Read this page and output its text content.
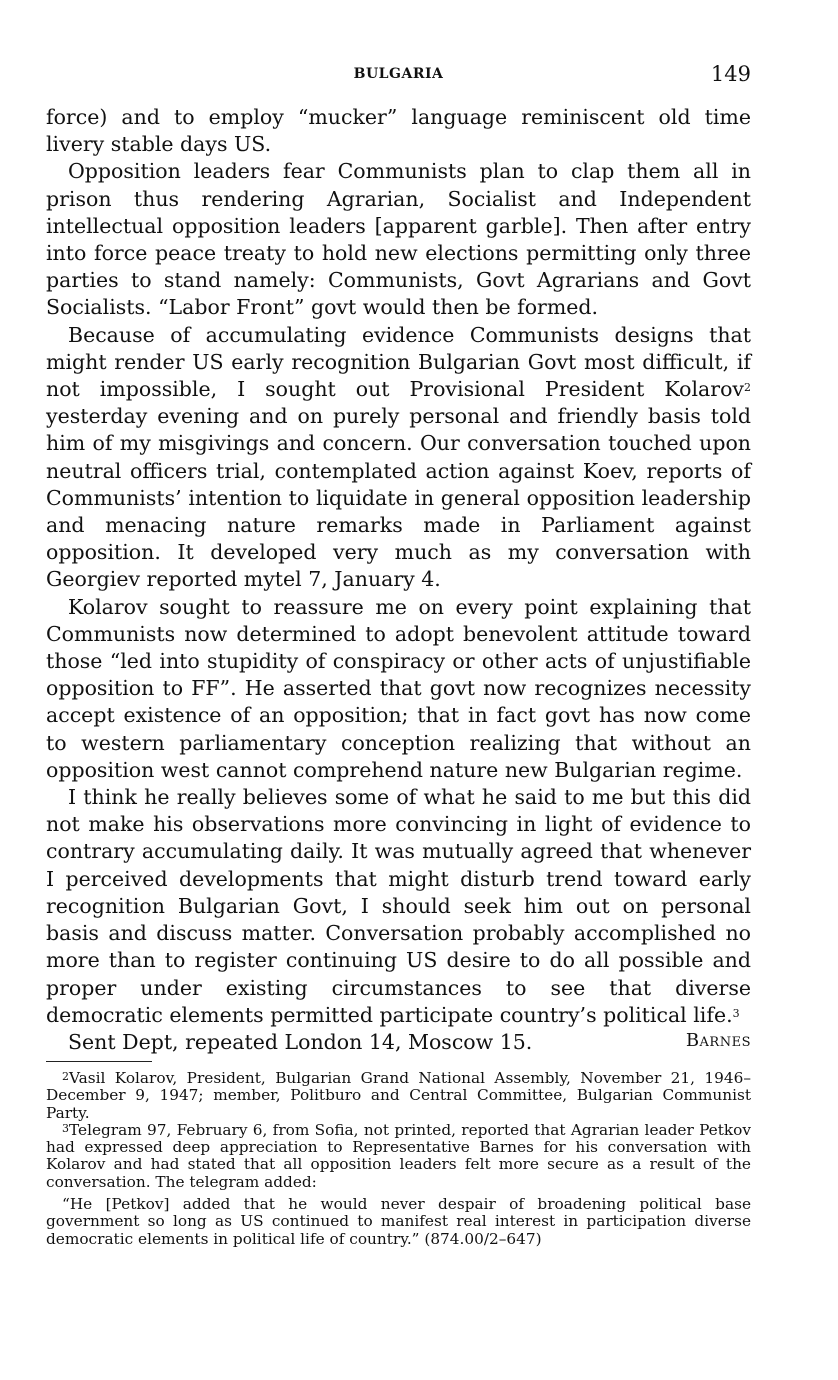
BULGARIA	149

force) and to employ “mucker” language reminiscent old time livery stable days US.

Opposition leaders fear Communists plan to clap them all in prison thus rendering Agrarian, Socialist and Independent intellectual opposition leaders [apparent garble]. Then after entry into force peace treaty to hold new elections permitting only three parties to stand namely: Communists, Govt Agrarians and Govt Socialists. “Labor Front” govt would then be formed.

Because of accumulating evidence Communists designs that might render US early recognition Bulgarian Govt most difficult, if not impossible, I sought out Provisional President Kolarov$^2$ yesterday evening and on purely personal and friendly basis told him of my misgivings and concern. Our conversation touched upon neutral officers trial, contemplated action against Koev, reports of Communists’ intention to liquidate in general opposition leadership and menacing nature remarks made in Parliament against opposition. It developed very much as my conversation with Georgiev reported mytel 7, January 4.

Kolarov sought to reassure me on every point explaining that Communists now determined to adopt benevolent attitude toward those “led into stupidity of conspiracy or other acts of unjustifiable opposition to FF”. He asserted that govt now recognizes necessity accept existence of an opposition; that in fact govt has now come to western parliamentary conception realizing that without an opposition west cannot comprehend nature new Bulgarian regime.

I think he really believes some of what he said to me but this did not make his observations more convincing in light of evidence to contrary accumulating daily. It was mutually agreed that whenever I perceived developments that might disturb trend toward early recognition Bulgarian Govt, I should seek him out on personal basis and discuss matter. Conversation probably accomplished no more than to register continuing US desire to do all possible and proper under existing circumstances to see that diverse democratic elements permitted participate country’s political life.$^3$

Sent Dept, repeated London 14, Moscow 15.	Barnes

$^2$Vasil Kolarov, President, Bulgarian Grand National Assembly, November 21, 1946–December 9, 1947; member, Politburo and Central Committee, Bulgarian Communist Party.

$^3$Telegram 97, February 6, from Sofia, not printed, reported that Agrarian leader Petkov had expressed deep appreciation to Representative Barnes for his conversation with Kolarov and had stated that all opposition leaders felt more secure as a result of the conversation. The telegram added:

“He [Petkov] added that he would never despair of broadening political base government so long as US continued to manifest real interest in participation diverse democratic elements in political life of country.” (874.00/2–647)
